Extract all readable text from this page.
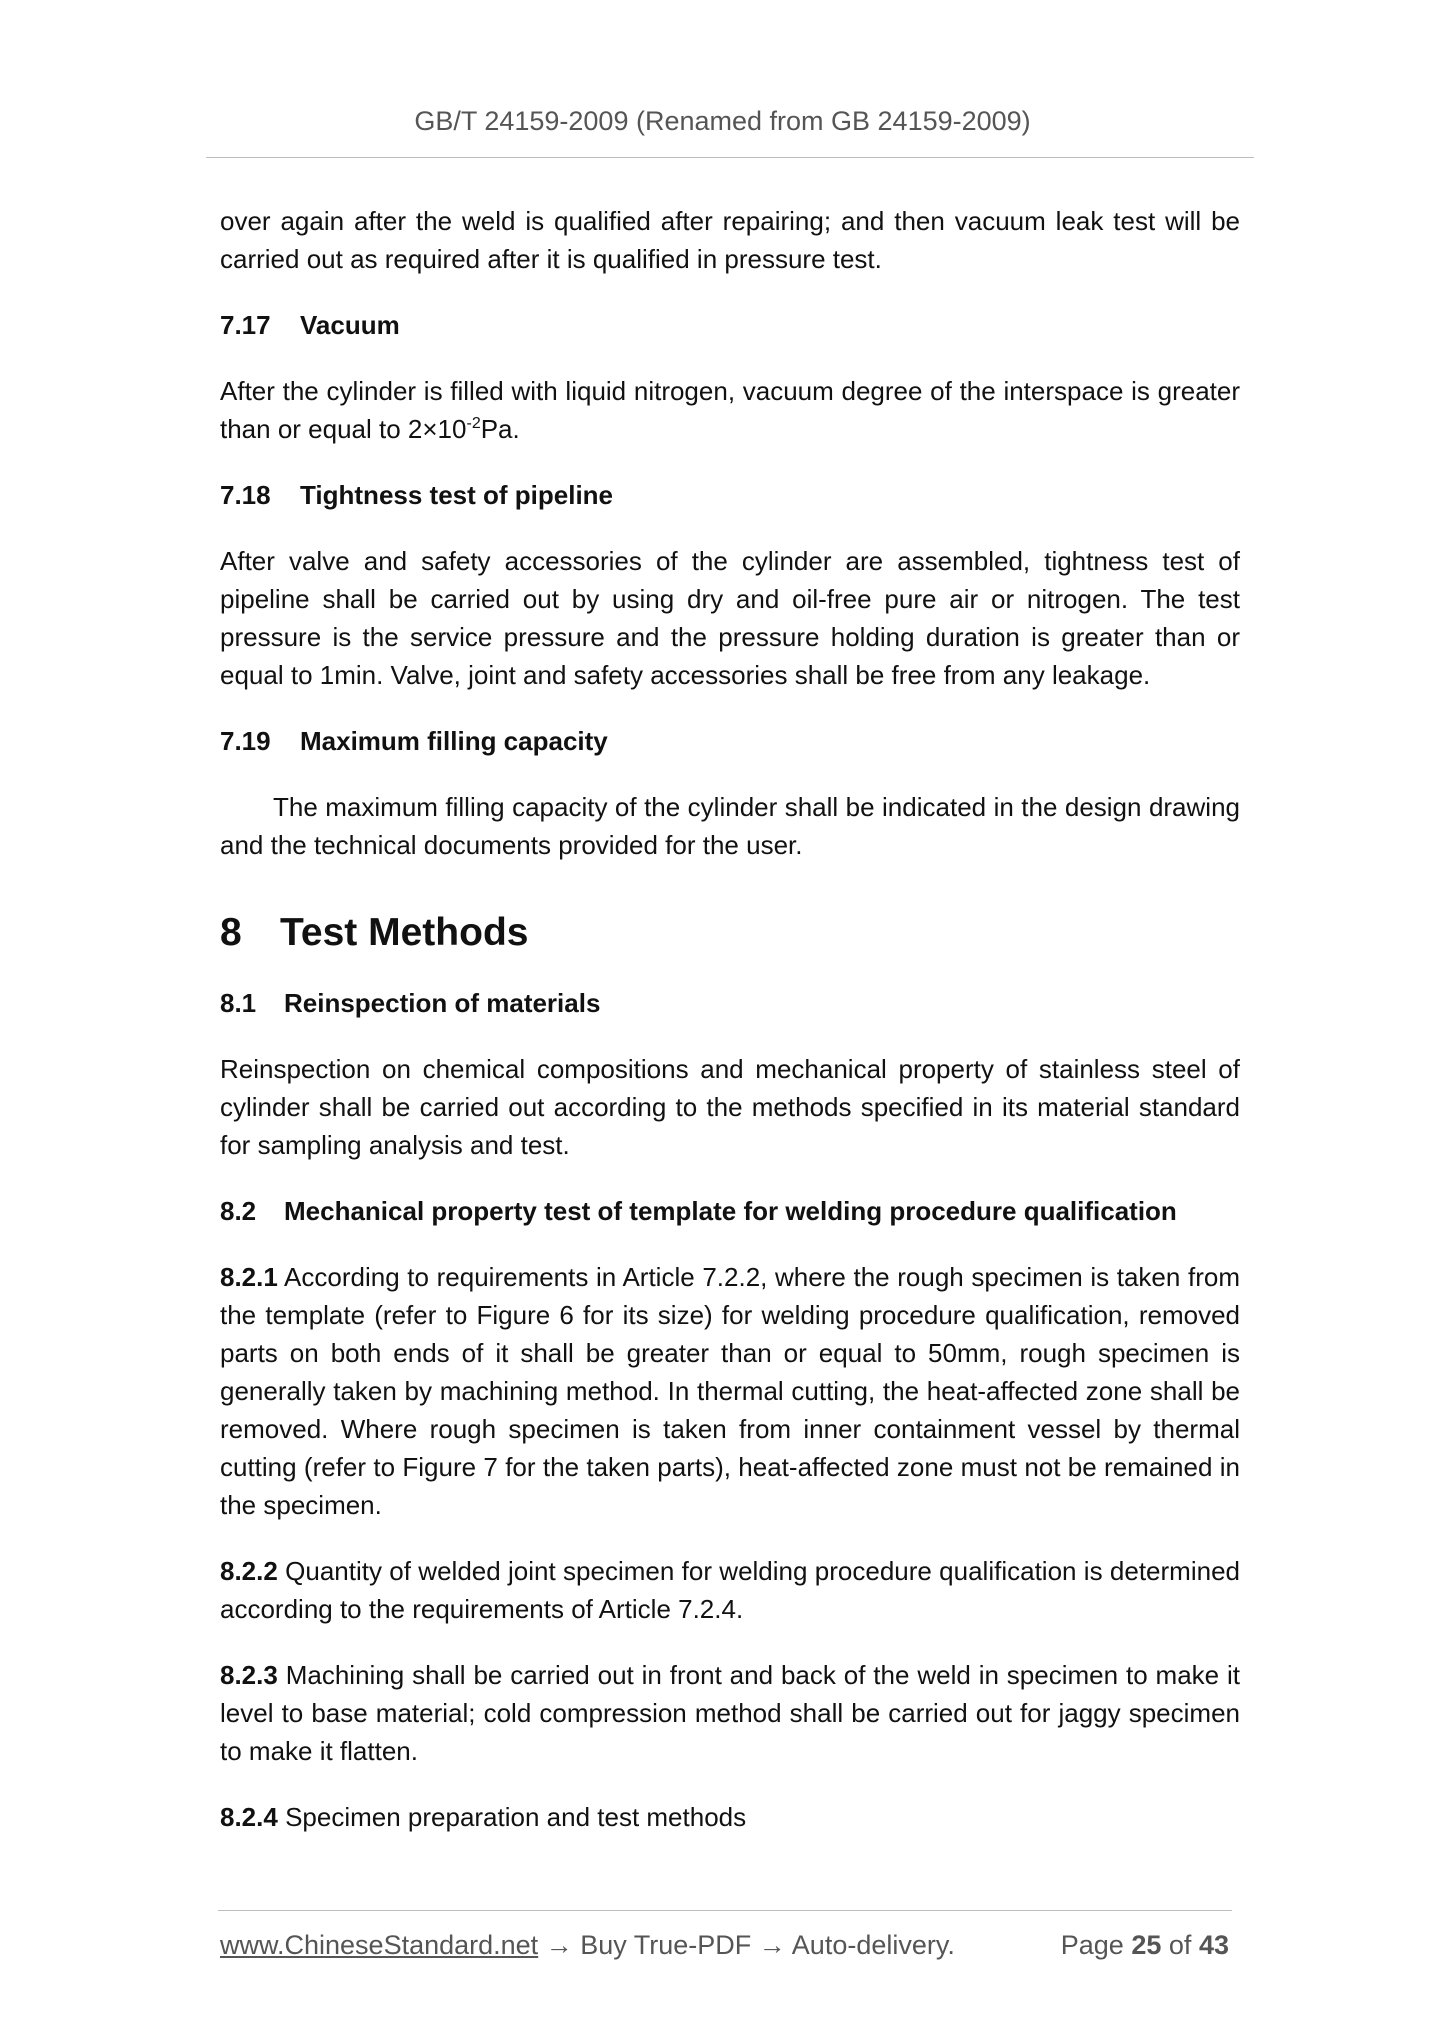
GB/T 24159-2009 (Renamed from GB 24159-2009)

over again after the weld is qualified after repairing; and then vacuum leak test will be carried out as required after it is qualified in pressure test.

7.17 Vacuum

After the cylinder is filled with liquid nitrogen, vacuum degree of the interspace is greater than or equal to $2\times 10^{-2}Pa$.

7.18 Tightness test of pipeline

After valve and safety accessories of the cylinder are assembled, tightness test of pipeline shall be carried out by using dry and oil-free pure air or nitrogen. The test pressure is the service pressure and the pressure holding duration is greater than or equal to 1min. Valve, joint and safety accessories shall be free from any leakage.

7.19 Maximum filling capacity

The maximum filling capacity of the cylinder shall be indicated in the design drawing and the technical documents provided for the user.

8 Test Methods

8.1 Reinspection of materials

Reinspection on chemical compositions and mechanical property of stainless steel of cylinder shall be carried out according to the methods specified in its material standard for sampling analysis and test.

8.2 Mechanical property test of template for welding procedure qualification

8.2.1 According to requirements in Article 7.2.2, where the rough specimen is taken from the template (refer to Figure 6 for its size) for welding procedure qualification, removed parts on both ends of it shall be greater than or equal to 50mm, rough specimen is generally taken by machining method. In thermal cutting, the heat-affected zone shall be removed. Where rough specimen is taken from inner containment vessel by thermal cutting (refer to Figure 7 for the taken parts), heat-affected zone must not be remained in the specimen.

8.2.2 Quantity of welded joint specimen for welding procedure qualification is determined according to the requirements of Article 7.2.4.

8.2.3 Machining shall be carried out in front and back of the weld in specimen to make it level to base material; cold compression method shall be carried out for jaggy specimen to make it flatten.

8.2.4 Specimen preparation and test methods

www.ChineseStandard.net → Buy True-PDF → Auto-delivery.	Page 25 of 43
